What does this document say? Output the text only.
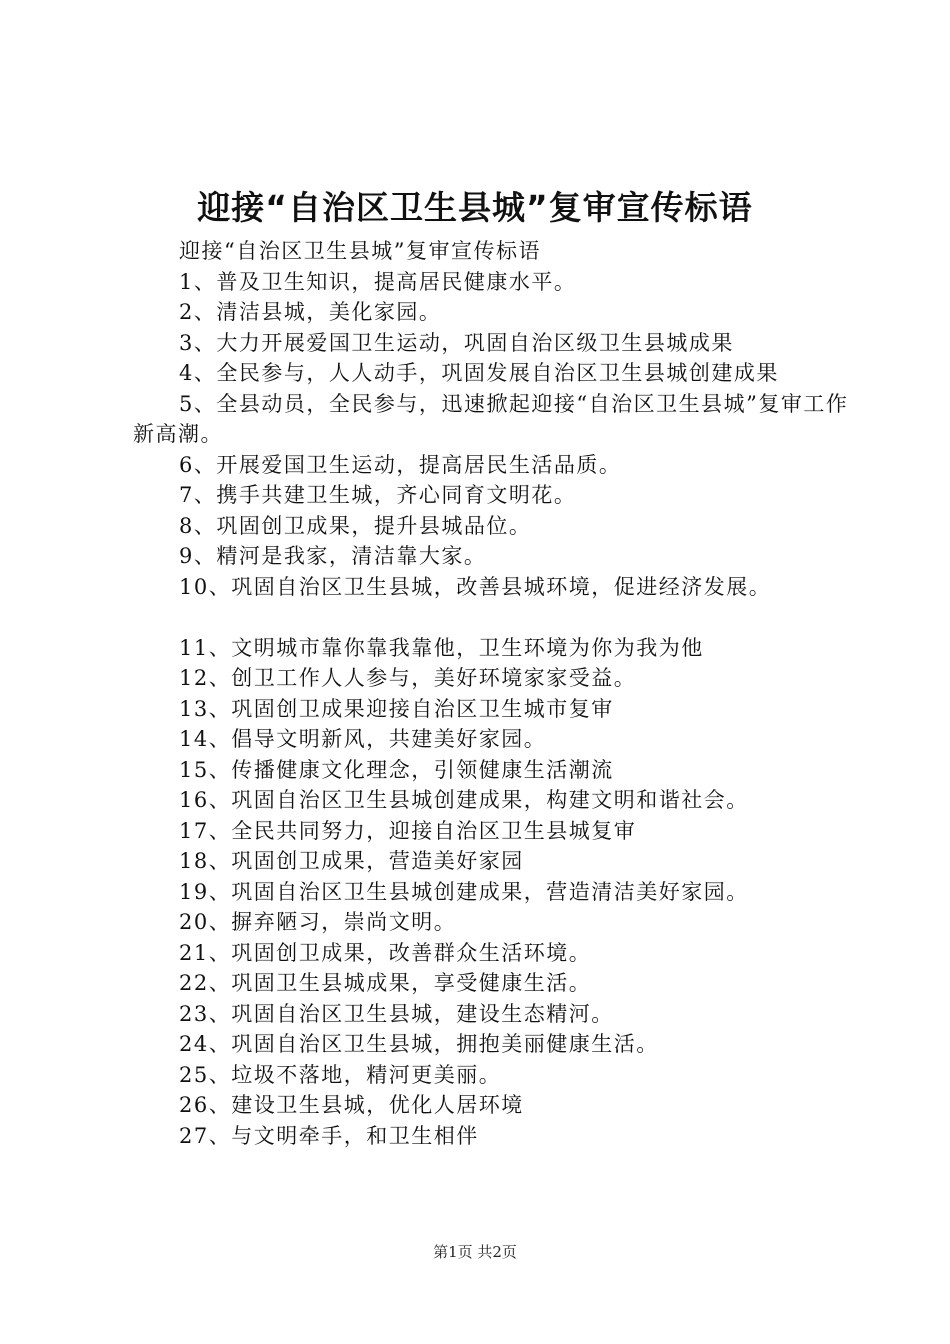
迎接“自治区卫生县城”复审宣传标语

迎接“自治区卫生县城”复审宣传标语

1、普及卫生知识，提高居民健康水平。

2、清洁县城，美化家园。

3、大力开展爱国卫生运动，巩固自治区级卫生县城成果

4、全民参与，人人动手，巩固发展自治区卫生县城创建成果

5、全县动员，全民参与，迅速掀起迎接“自治区卫生县城”复审工作新高潮。

6、开展爱国卫生运动，提高居民生活品质。

7、携手共建卫生城，齐心同育文明花。

8、巩固创卫成果，提升县城品位。

9、精河是我家，清洁靠大家。

10、巩固自治区卫生县城，改善县城环境，促进经济发展。

11、文明城市靠你靠我靠他，卫生环境为你为我为他

12、创卫工作人人参与，美好环境家家受益。

13、巩固创卫成果迎接自治区卫生城市复审

14、倡导文明新风，共建美好家园。

15、传播健康文化理念，引领健康生活潮流

16、巩固自治区卫生县城创建成果，构建文明和谐社会。

17、全民共同努力，迎接自治区卫生县城复审

18、巩固创卫成果，营造美好家园

19、巩固自治区卫生县城创建成果，营造清洁美好家园。

20、摒弃陋习，崇尚文明。

21、巩固创卫成果，改善群众生活环境。

22、巩固卫生县城成果，享受健康生活。

23、巩固自治区卫生县城，建设生态精河。

24、巩固自治区卫生县城，拥抱美丽健康生活。

25、垃圾不落地，精河更美丽。

26、建设卫生县城，优化人居环境

27、与文明牵手，和卫生相伴

第1页 共2页
